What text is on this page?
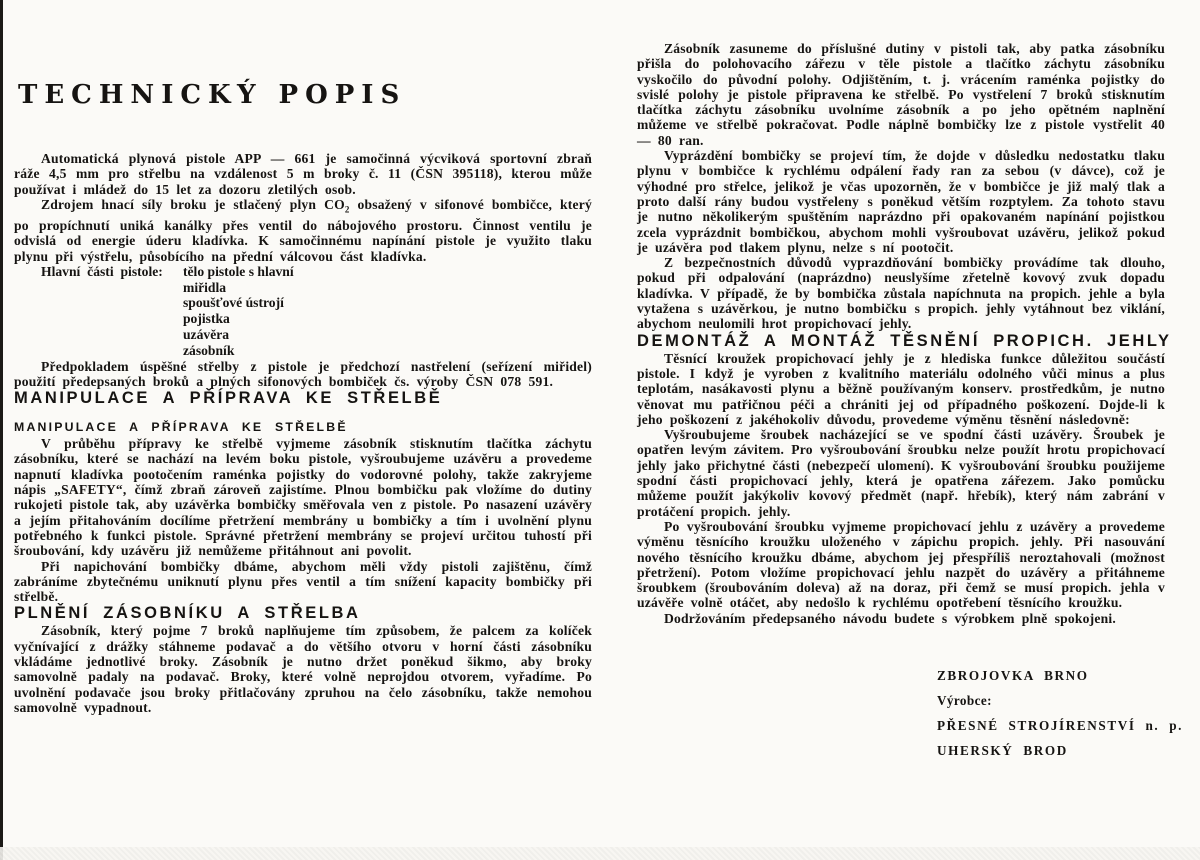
TECHNICKÝ POPIS

Automatická plynová pistole APP — 661 je samočinná výcviková sportovní zbraň ráže 4,5 mm pro střelbu na vzdálenost 5 m broky č. 11 (ČSN 395118), kterou může používat i mládež do 15 let za dozoru zletilých osob.

Zdrojem hnací síly broku je stlačený plyn $CO_2$ obsažený v sifonové bombičce, který po propíchnutí uniká kanálky přes ventil do nábojového prostoru. Činnost ventilu je odvislá od energie úderu kladívka. K samočinnému napínání pistole je využito tlaku plynu při výstřelu, působícího na přední válcovou část kladívka.

Hlavní části pistole: tělo pistole s hlavní
miřidla
spoušťové ústrojí
pojistka
uzávěra
zásobník

Předpokladem úspěšné střelby z pistole je předchozí nastřelení (seřízení miřidel) použití předepsaných broků a plných sifonových bombiček čs. výroby ČSN 078 591.

MANIPULACE A PŘÍPRAVA KE STŘELBĚ
MANIPULACE A PŘÍPRAVA KE STŘELBĚ

V průběhu přípravy ke střelbě vyjmeme zásobník stisknutím tlačítka záchytu zásobníku, které se nachází na levém boku pistole, vyšroubujeme uzávěru a provedeme napnutí kladívka pootočením raménka pojistky do vodorovné polohy, takže zakryjeme nápis „SAFETY“, čímž zbraň zároveň zajistíme. Plnou bombičku pak vložíme do dutiny rukojeti pistole tak, aby uzávěrka bombičky směřovala ven z pistole. Po nasazení uzávěry a jejím přitahováním docílíme přetržení membrány u bombičky a tím i uvolnění plynu potřebného k funkci pistole. Správné přetržení membrány se projeví určitou tuhostí při šroubování, kdy uzávěru již nemůžeme přitáhnout ani povolit.

Při napichování bombičky dbáme, abychom měli vždy pistoli zajištěnu, čímž zabráníme zbytečnému uniknutí plynu přes ventil a tím snížení kapacity bombičky při střelbě.

PLNĚNÍ ZÁSOBNÍKU A STŘELBA

Zásobník, který pojme 7 broků naplňujeme tím způsobem, že palcem za kolíček vyčnívající z drážky stáhneme podavač a do většího otvoru v horní části zásobníku vkládáme jednotlivé broky. Zásobník je nutno držet poněkud šikmo, aby broky samovolně padaly na podavač. Broky, které volně neprojdou otvorem, vyřadíme. Po uvolnění podavače jsou broky přitlačovány zpruhou na čelo zásobníku, takže nemohou samovolně vypadnout.

Zásobník zasuneme do příslušné dutiny v pistoli tak, aby patka zásobníku přišla do polohovacího zářezu v těle pistole a tlačítko záchytu zásobníku vyskočilo do původní polohy. Odjištěním, t. j. vrácením raménka pojistky do svislé polohy je pistole připravena ke střelbě. Po vystřelení 7 broků stisknutím tlačítka záchytu zásobníku uvolníme zásobník a po jeho opětném naplnění můžeme ve střelbě pokračovat. Podle náplně bombičky lze z pistole vystřelit 40 — 80 ran.

Vyprázdění bombičky se projeví tím, že dojde v důsledku nedostatku tlaku plynu v bombičce k rychlému odpálení řady ran za sebou (v dávce), což je výhodné pro střelce, jelikož je včas upozorněn, že v bombičce je již malý tlak a proto další rány budou vystřeleny s poněkud větším rozptylem. Za tohoto stavu je nutno několikerým spuštěním naprázdno při opakovaném napínání pojistkou zcela vyprázdnit bombičkou, abychom mohli vyšroubovat uzávěru, jelikož pokud je uzávěra pod tlakem plynu, nelze s ní pootočit.

Z bezpečnostních důvodů vyprazdňování bombičky provádíme tak dlouho, pokud při odpalování (naprázdno) neuslyšíme zřetelně kovový zvuk dopadu kladívka. V případě, že by bombička zůstala napíchnuta na propich. jehle a byla vytažena s uzávěrkou, je nutno bombičku s propich. jehly vytáhnout bez viklání, abychom neulomili hrot propichovací jehly.

DEMONTÁŽ A MONTÁŽ TĚSNĚNÍ PROPICH. JEHLY

Těsnící kroužek propichovací jehly je z hlediska funkce důležitou součástí pistole. I když je vyroben z kvalitního materiálu odolného vůči minus a plus teplotám, nasákavosti plynu a běžně používaným konserv. prostředkům, je nutno věnovat mu patřičnou péči a chrániti jej od případného poškození. Dojde-li k jeho poškození z jakéhokoliv důvodu, provedeme výměnu těsnění následovně:

Vyšroubujeme šroubek nacházející se ve spodní části uzávěry. Šroubek je opatřen levým závitem. Pro vyšroubování šroubku nelze použít hrotu propichovací jehly jako přichytné části (nebezpečí ulomení). K vyšroubování šroubku použijeme spodní části propichovací jehly, která je opatřena zářezem. Jako pomůcku můžeme použít jakýkoliv kovový předmět (např. hřebík), který nám zabrání v protáčení propich. jehly.

Po vyšroubování šroubku vyjmeme propichovací jehlu z uzávěry a provedeme výměnu těsnícího kroužku uloženého v zápichu propich. jehly. Při nasouvání nového těsnícího kroužku dbáme, abychom jej přespříliš neroztahovali (možnost přetržení). Potom vložíme propichovací jehlu nazpět do uzávěry a přitáhneme šroubkem (šroubováním doleva) až na doraz, při čemž se musí propich. jehla v uzávěře volně otáčet, aby nedošlo k rychlému opotřebení těsnícího kroužku.

Dodržováním předepsaného návodu budete s výrobkem plně spokojeni.

ZBROJOVKA BRNO

Výrobce:

PŘESNÉ STROJÍRENSTVÍ n. p.

UHERSKÝ BROD
